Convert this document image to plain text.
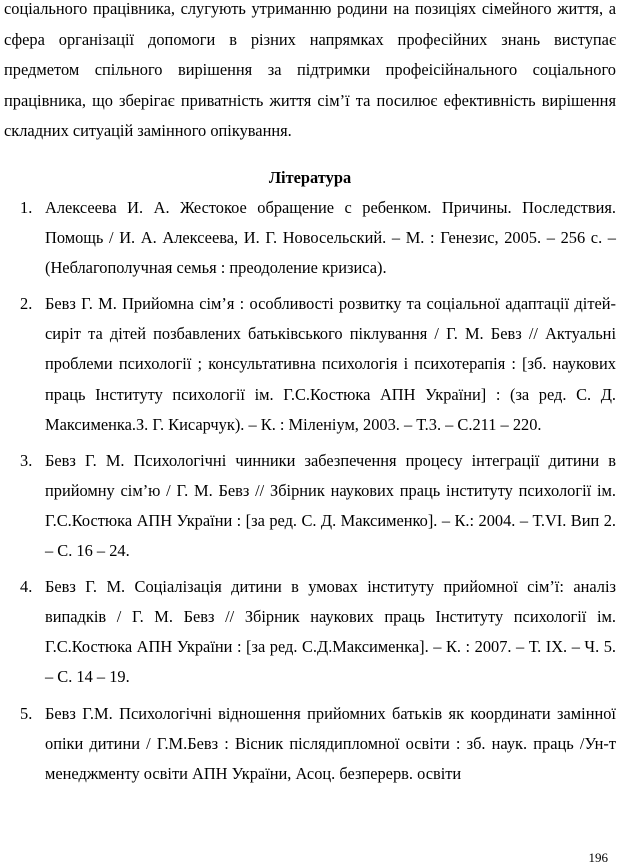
соціального працівника, слугують утриманню родини на позиціях сімейного життя, а сфера організації допомоги в різних напрямках професійних знань виступає предметом спільного вирішення за підтримки профеісійнального соціального працівника, що зберігає приватність життя сім’ї та посилює ефективність вирішення складних ситуацій замінного опікування.

Література
1. Алексеева И. А. Жестокое обращение с ребенком. Причины. Последствия. Помощь / И. А. Алексеева, И. Г. Новосельский. – М. : Генезис, 2005. – 256 с. – (Неблагополучная семья : преодоление кризиса).
2. Бевз Г. М. Прийомна сім’я : особливості розвитку та соціальної адаптації дітей-сиріт та дітей позбавлених батьківського піклування / Г. М. Бевз // Актуальні проблеми психології ; консультативна психологія і психотерапія : [зб. наукових праць Інституту психології ім. Г.С.Костюка АПН України] : (за ред. С. Д. Максименка.З. Г. Кисарчук). – К. : Міленіум, 2003. – Т.3. – С.211 – 220.
3. Бевз Г. М. Психологічні чинники забезпечення процесу інтеграції дитини в прийомну сім’ю / Г. М. Бевз // Збірник наукових праць інституту психології ім. Г.С.Костюка АПН України : [за ред. С. Д. Максименко]. – К.: 2004. – Т.VI. Вип 2. – С. 16 – 24.
4. Бевз Г. М. Соціалізація дитини в умовах інституту прийомної сім’ї: аналіз випадків / Г. М. Бевз // Збірник наукових праць Інституту психології ім. Г.С.Костюка АПН України : [за ред. С.Д.Максименка]. – К. : 2007. – Т. IX. – Ч. 5. – С. 14 – 19.
5. Бевз Г.М. Психологічні відношення прийомних батьків як координати замінної опіки дитини / Г.М.Бевз : Вісник післядипломної освіти : зб. наук. праць /Ун-т менеджменту освіти АПН України, Асоц. безперерв. освіти
196
